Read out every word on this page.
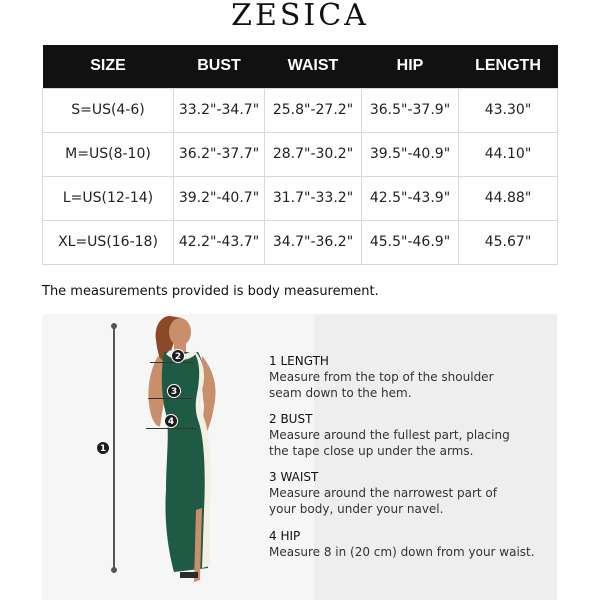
ZESICA
SIZE	BUST	WAIST	HIP	LENGTH
S=US(4-6)	33.2"-34.7"	25.8"-27.2"	36.5"-37.9"	43.30"
M=US(8-10)	36.2"-37.7"	28.7"-30.2"	39.5"-40.9"	44.10"
L=US(12-14)	39.2"-40.7"	31.7"-33.2"	42.5"-43.9"	44.88"
XL=US(16-18)	42.2"-43.7"	34.7"-36.2"	45.5"-46.9"	45.67"
The measurements provided is body measurement.
1
2
3
4
1 LENGTH
Measure from the top of the shoulder
seam down to the hem.
2 BUST
Measure around the fullest part, placing
the tape close up under the arms.
3 WAIST
Measure around the narrowest part of
your body, under your navel.
4 HIP
Measure 8 in (20 cm) down from your waist.
